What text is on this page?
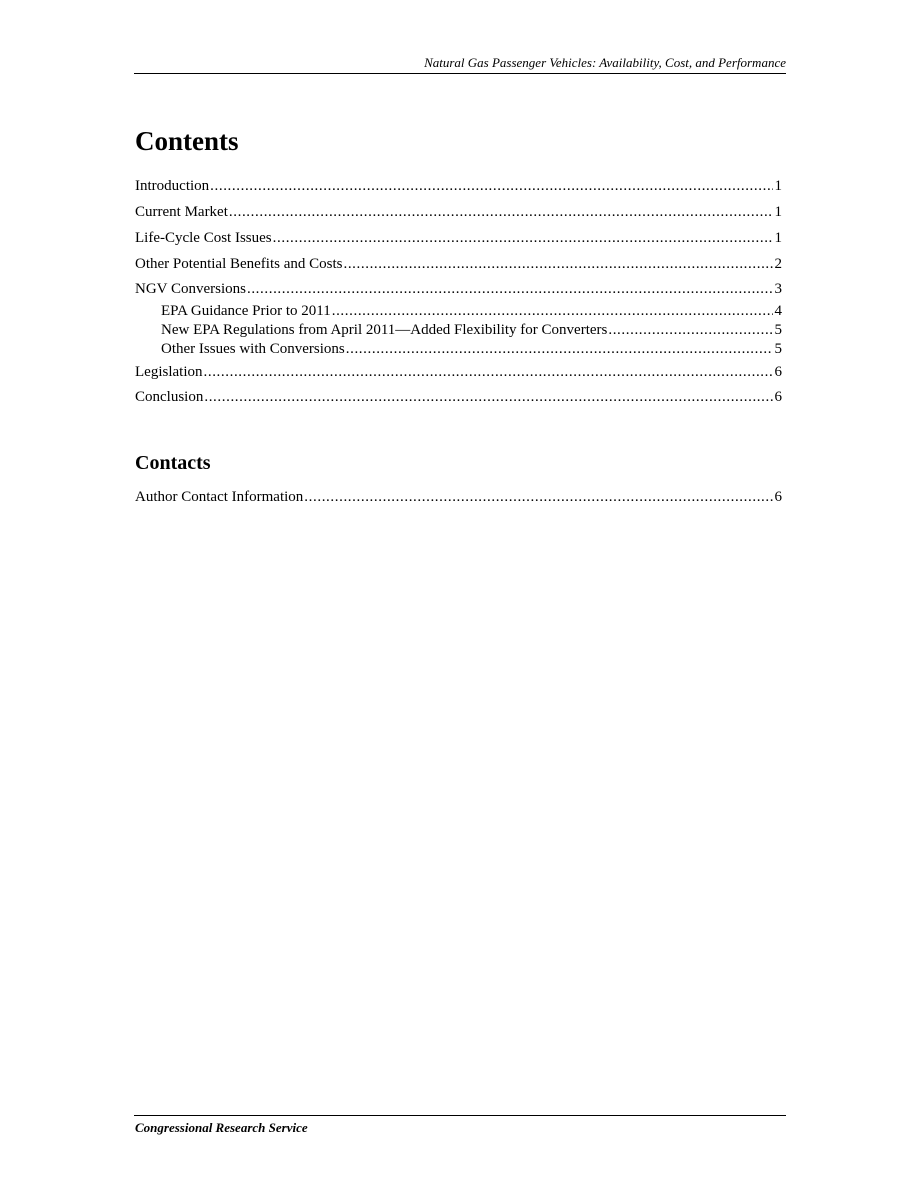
Natural Gas Passenger Vehicles: Availability, Cost, and Performance
Contents
Introduction .....	1
Current Market .....	1
Life-Cycle Cost Issues .....	1
Other Potential Benefits and Costs .....	2
NGV Conversions .....	3
EPA Guidance Prior to 2011 .....	4
New EPA Regulations from April 2011—Added Flexibility for Converters .....	5
Other Issues with Conversions .....	5
Legislation .....	6
Conclusion .....	6
Contacts
Author Contact Information .....	6
Congressional Research Service
